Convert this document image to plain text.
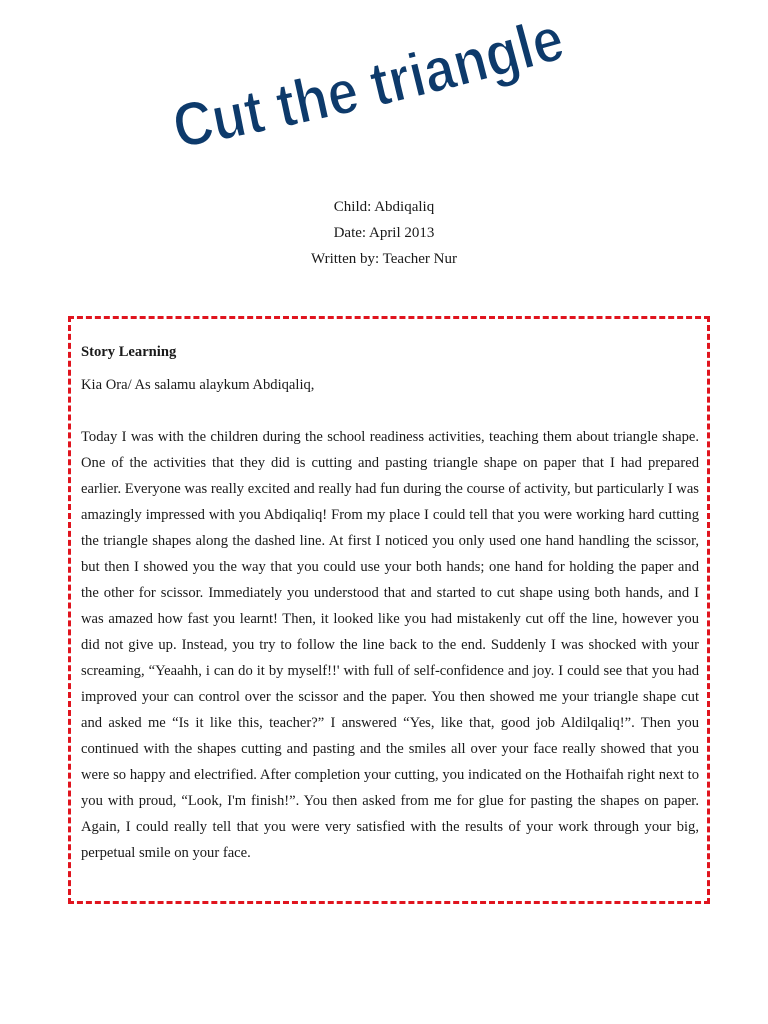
Cut the triangle
Child: Abdiqaliq
Date: April 2013
Written by: Teacher Nur
Story Learning
Kia Ora/ As salamu alaykum Abdiqaliq,

Today I was with the children during the school readiness activities, teaching them about triangle shape. One of the activities that they did is cutting and pasting triangle shape on paper that I had prepared earlier. Everyone was really excited and really had fun during the course of activity, but particularly I was amazingly impressed with you Abdiqaliq! From my place I could tell that you were working hard cutting the triangle shapes along the dashed line. At first I noticed you only used one hand handling the scissor, but then I showed you the way that you could use your both hands; one hand for holding the paper and the other for scissor. Immediately you understood that and started to cut shape using both hands, and I was amazed how fast you learnt! Then, it looked like you had mistakenly cut off the line, however you did not give up. Instead, you try to follow the line back to the end. Suddenly I was shocked with your screaming, “Yeaahh, i can do it by myself!!' with full of self-confidence and joy. I could see that you had improved your can control over the scissor and the paper. You then showed me your triangle shape cut and asked me “Is it like this, teacher?” I answered “Yes, like that, good job Aldilqaliq!”. Then you continued with the shapes cutting and pasting and the smiles all over your face really showed that you were so happy and electrified. After completion your cutting, you indicated on the Hothaifah right next to you with proud, “Look, I'm finish!”. You then asked from me for glue for pasting the shapes on paper. Again, I could really tell that you were very satisfied with the results of your work through your big, perpetual smile on your face.
